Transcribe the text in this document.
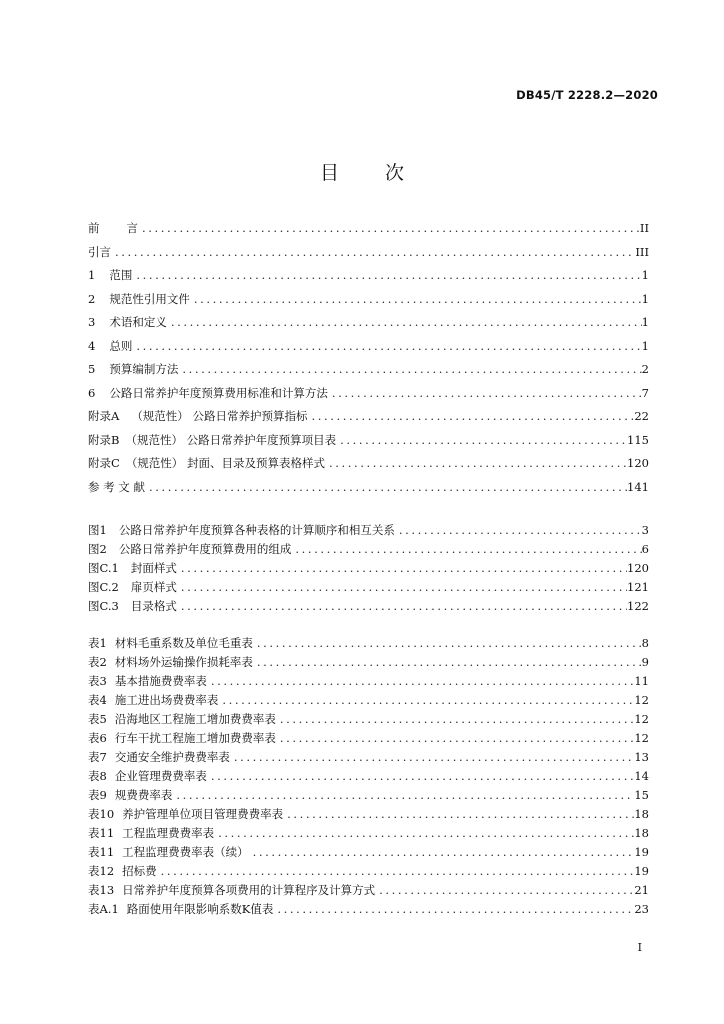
DB45/T 2228.2—2020
目 次
前 言 .....	II
引言 .....	III
1 范围 .....	1
2 规范性引用文件 .....	1
3 术语和定义 .....	1
4 总则 .....	1
5 预算编制方法 .....	2
6 公路日常养护年度预算费用标准和计算方法 .....	7
附录A （规范性） 公路日常养护预算指标 .....	22
附录B （规范性） 公路日常养护年度预算项目表 .....	115
附录C （规范性） 封面、目录及预算表格样式 .....	120
参 考 文 献 .....	141
图1 公路日常养护年度预算各种表格的计算顺序和相互关系 .....	3
图2 公路日常养护年度预算费用的组成 .....	6
图C.1 封面样式 .....	120
图C.2 扉页样式 .....	121
图C.3 目录格式 .....	122
表1 材料毛重系数及单位毛重表 .....	8
表2 材料场外运输操作损耗率表 .....	9
表3 基本措施费费率表 .....	11
表4 施工进出场费费率表 .....	12
表5 沿海地区工程施工增加费费率表 .....	12
表6 行车干扰工程施工增加费费率表 .....	12
表7 交通安全维护费费率表 .....	13
表8 企业管理费费率表 .....	14
表9 规费费率表 .....	15
表10 养护管理单位项目管理费费率表 .....	18
表11 工程监理费费率表 .....	18
表11 工程监理费费率表（续） .....	19
表12 招标费 .....	19
表13 日常养护年度预算各项费用的计算程序及计算方式 .....	21
表A.1 路面使用年限影响系数K值表 .....	23
I
